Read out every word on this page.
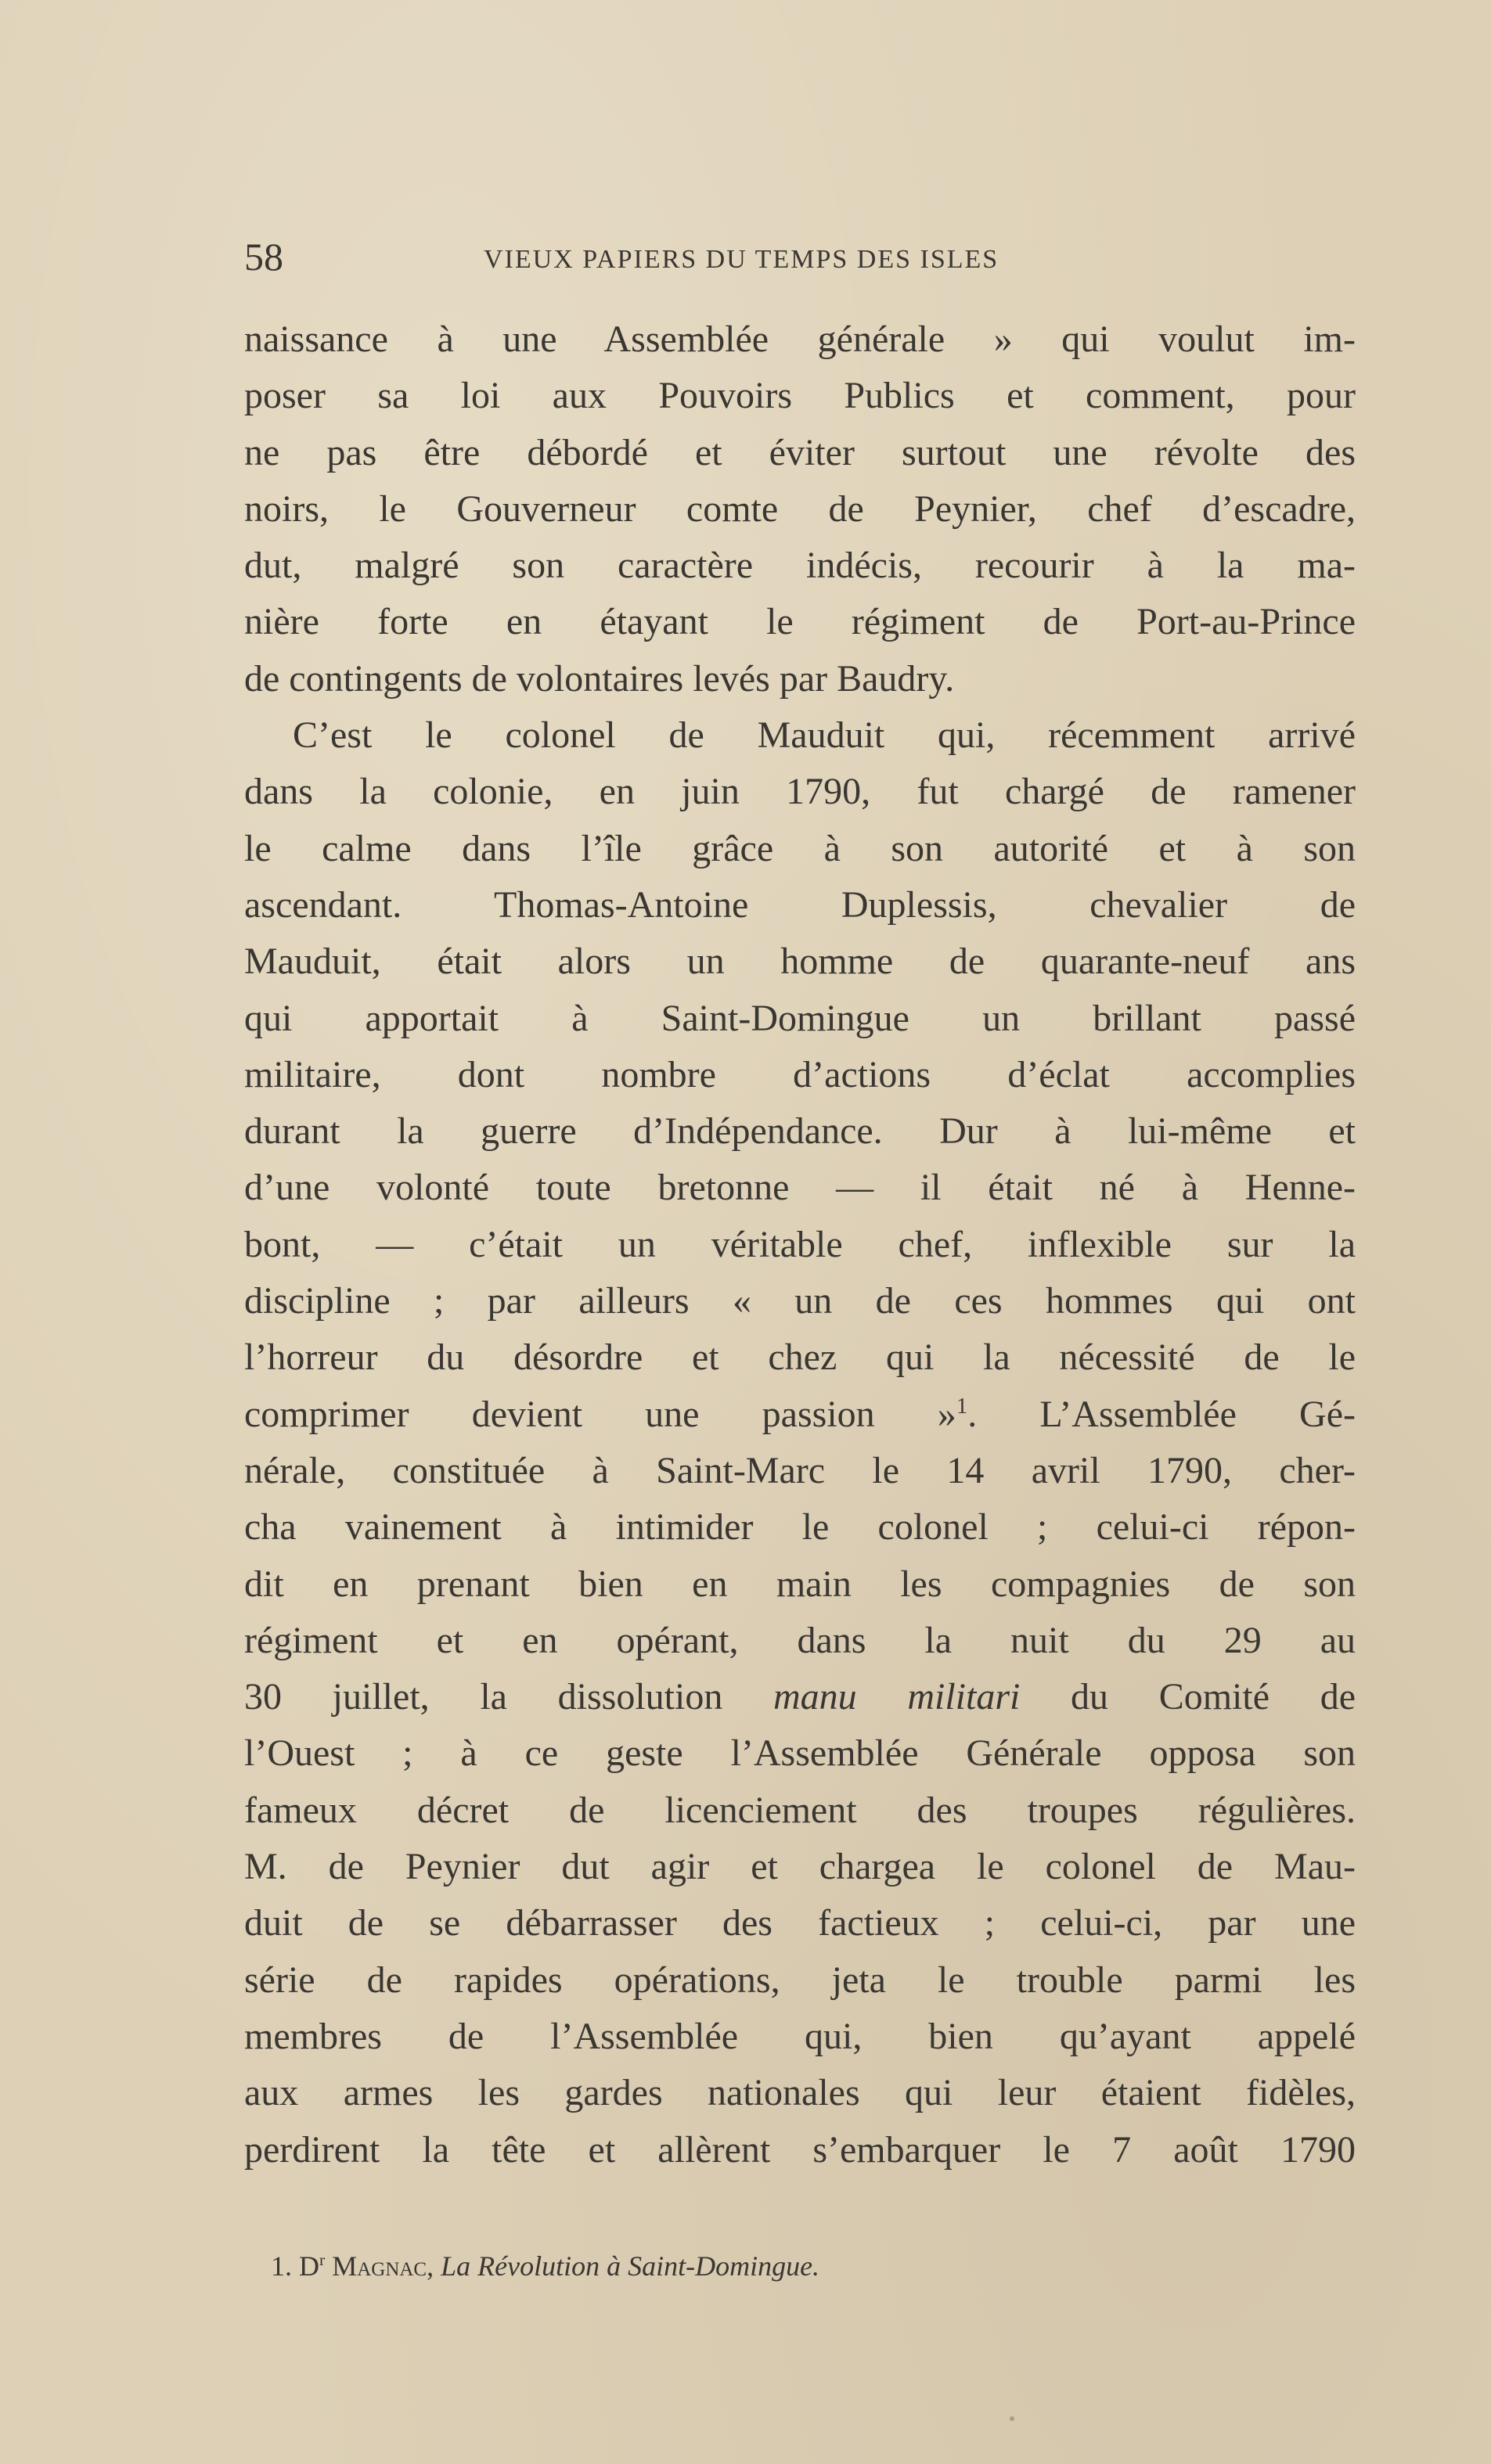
58	VIEUX PAPIERS DU TEMPS DES ISLES
naissance à une Assemblée générale » qui voulut im-
poser sa loi aux Pouvoirs Publics et comment, pour
ne pas être débordé et éviter surtout une révolte des
noirs, le Gouverneur comte de Peynier, chef d’escadre,
dut, malgré son caractère indécis, recourir à la ma-
nière forte en étayant le régiment de Port-au-Prince
de contingents de volontaires levés par Baudry.
C’est le colonel de Mauduit qui, récemment arrivé
dans la colonie, en juin 1790, fut chargé de ramener
le calme dans l’île grâce à son autorité et à son
ascendant. Thomas-Antoine Duplessis, chevalier de
Mauduit, était alors un homme de quarante-neuf ans
qui apportait à Saint-Domingue un brillant passé
militaire, dont nombre d’actions d’éclat accomplies
durant la guerre d’Indépendance. Dur à lui-même et
d’une volonté toute bretonne — il était né à Henne-
bont, — c’était un véritable chef, inflexible sur la
discipline ; par ailleurs « un de ces hommes qui ont
l’horreur du désordre et chez qui la nécessité de le
comprimer devient une passion »$^1$. L’Assemblée Gé-
nérale, constituée à Saint-Marc le 14 avril 1790, cher-
cha vainement à intimider le colonel ; celui-ci répon-
dit en prenant bien en main les compagnies de son
régiment et en opérant, dans la nuit du 29 au
30 juillet, la dissolution manu militari du Comité de
l’Ouest ; à ce geste l’Assemblée Générale opposa son
fameux décret de licenciement des troupes régulières.
M. de Peynier dut agir et chargea le colonel de Mau-
duit de se débarrasser des factieux ; celui-ci, par une
série de rapides opérations, jeta le trouble parmi les
membres de l’Assemblée qui, bien qu’ayant appelé
aux armes les gardes nationales qui leur étaient fidèles,
perdirent la tête et allèrent s’embarquer le 7 août 1790
1. $D^r$ Magnac, La Révolution à Saint-Domingue.
